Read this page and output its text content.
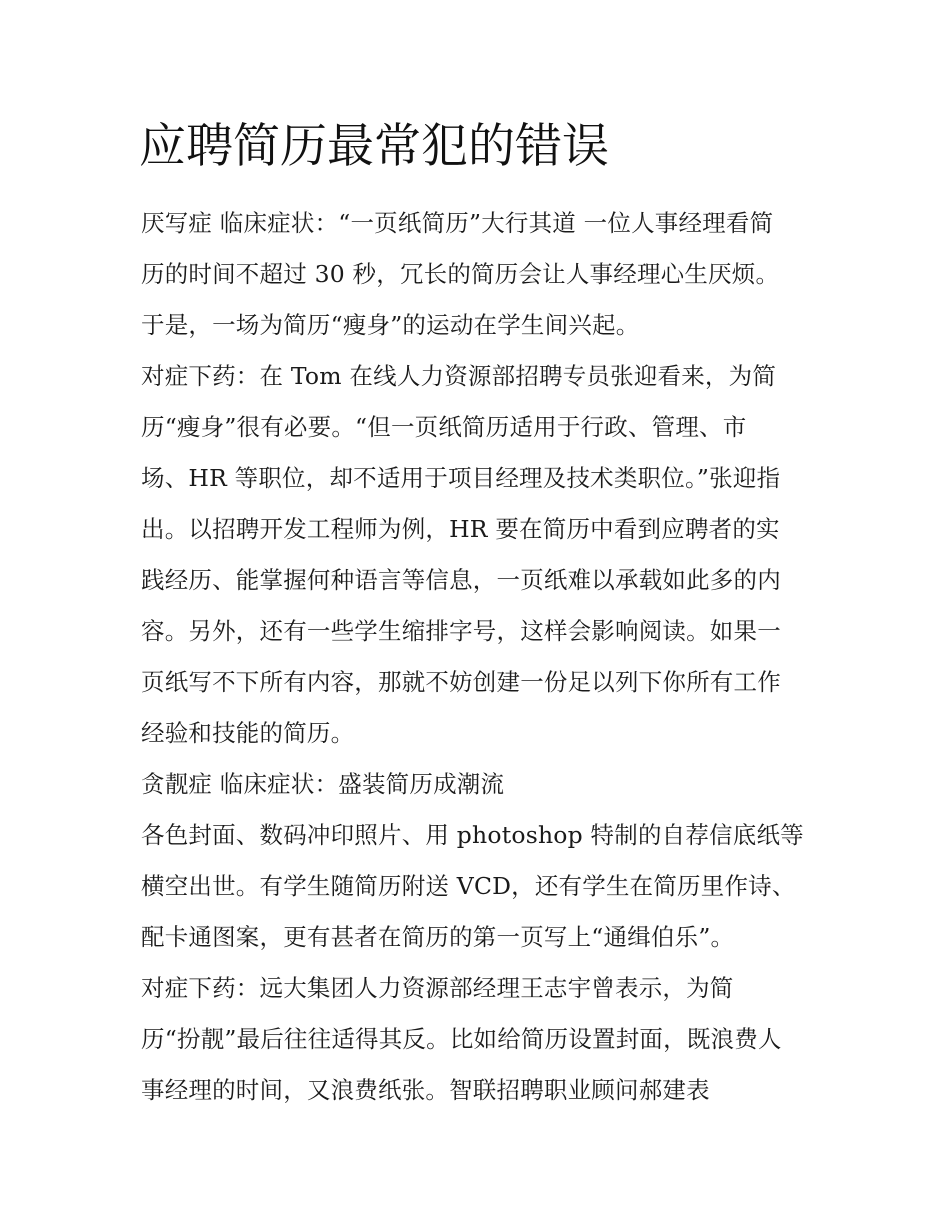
应聘简历最常犯的错误
厌写症 临床症状：“一页纸简历”大行其道 一位人事经理看简
历的时间不超过 30 秒，冗长的简历会让人事经理心生厌烦。
于是，一场为简历“瘦身”的运动在学生间兴起。
对症下药：在 Tom 在线人力资源部招聘专员张迎看来，为简
历“瘦身”很有必要。“但一页纸简历适用于行政、管理、市
场、HR 等职位，却不适用于项目经理及技术类职位。”张迎指
出。以招聘开发工程师为例，HR 要在简历中看到应聘者的实
践经历、能掌握何种语言等信息，一页纸难以承载如此多的内
容。另外，还有一些学生缩排字号，这样会影响阅读。如果一
页纸写不下所有内容，那就不妨创建一份足以列下你所有工作
经验和技能的简历。
贪靓症 临床症状：盛装简历成潮流
各色封面、数码冲印照片、用 photoshop 特制的自荐信底纸等
横空出世。有学生随简历附送 VCD，还有学生在简历里作诗、
配卡通图案，更有甚者在简历的第一页写上“通缉伯乐”。
对症下药：远大集团人力资源部经理王志宇曾表示，为简
历“扮靓”最后往往适得其反。比如给简历设置封面，既浪费人
事经理的时间，又浪费纸张。智联招聘职业顾问郝建表
